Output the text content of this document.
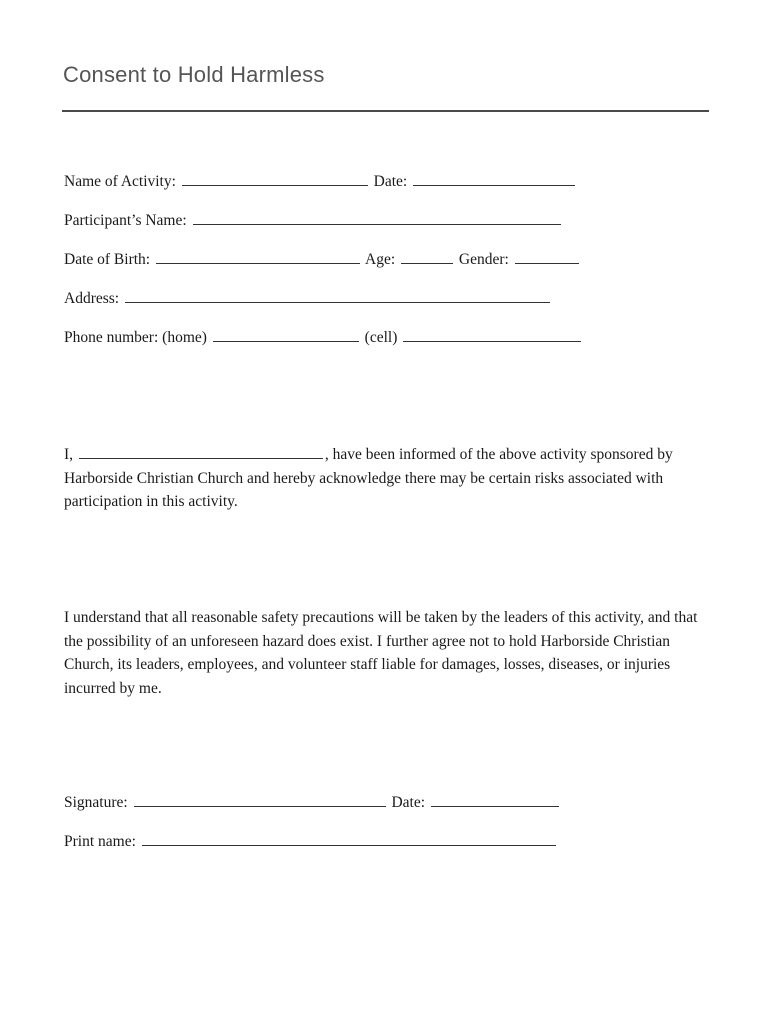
Consent to Hold Harmless
Name of Activity:	Date:
Participant’s Name:
Date of Birth:	Age:	Gender:
Address:
Phone number: (home)	(cell)
I,	, have been informed of the above activity sponsored by Harborside Christian Church and hereby acknowledge there may be certain risks associated with participation in this activity.
I understand that all reasonable safety precautions will be taken by the leaders of this activity, and that the possibility of an unforeseen hazard does exist. I further agree not to hold Harborside Christian Church, its leaders, employees, and volunteer staff liable for damages, losses, diseases, or injuries incurred by me.
Signature:	Date:
Print name:
